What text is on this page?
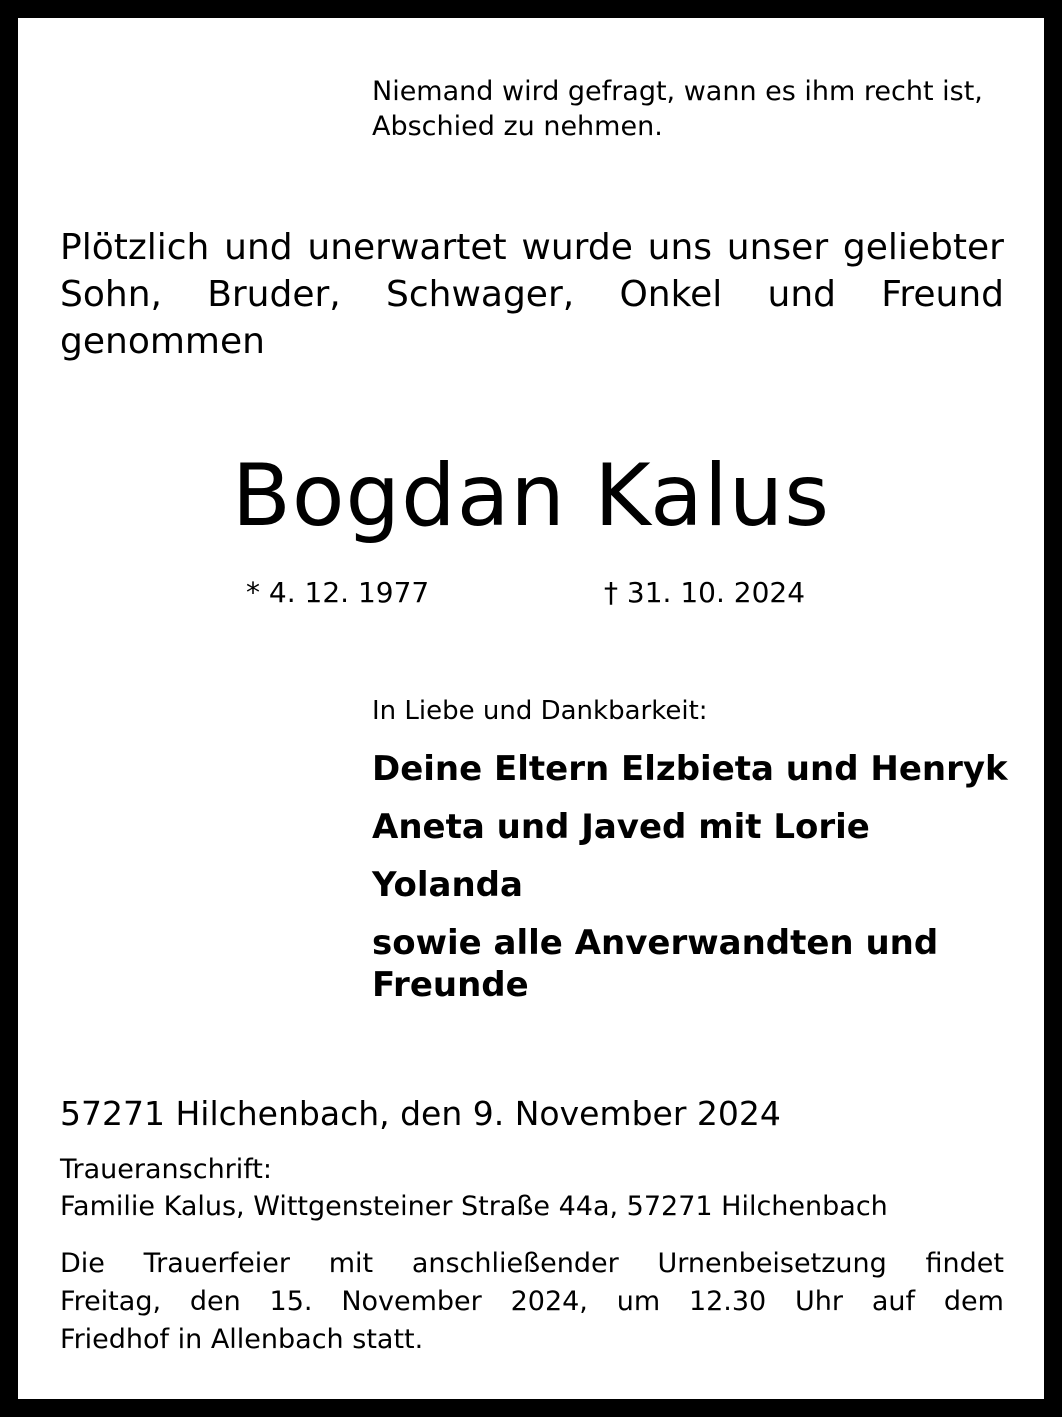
Niemand wird gefragt, wann es ihm recht ist,
Abschied zu nehmen.
Plötzlich und unerwartet wurde uns unser geliebter
Sohn, Bruder, Schwager, Onkel und Freund
genommen
Bogdan Kalus
* 4. 12. 1977	† 31. 10. 2024
In Liebe und Dankbarkeit:
Deine Eltern Elzbieta und Henryk
Aneta und Javed mit Lorie
Yolanda
sowie alle Anverwandten und
Freunde
57271 Hilchenbach, den 9. November 2024
Traueranschrift:
Familie Kalus, Wittgensteiner Straße 44a, 57271 Hilchenbach
Die Trauerfeier mit anschließender Urnenbeisetzung findet
Freitag, den 15. November 2024, um 12.30 Uhr auf dem
Friedhof in Allenbach statt.
